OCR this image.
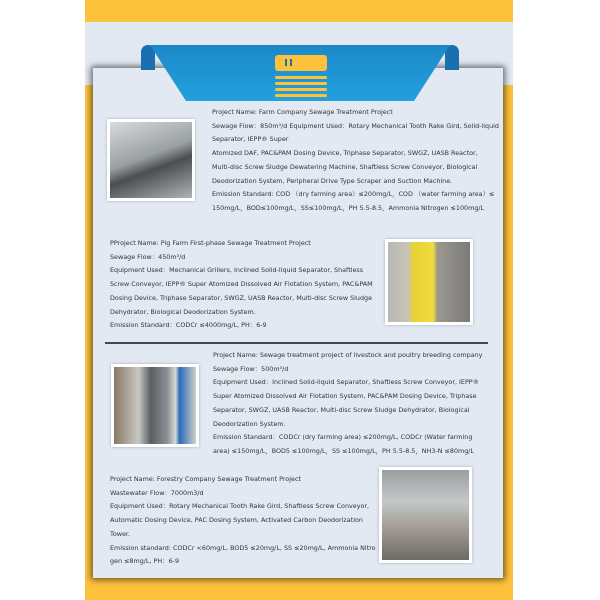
Project Name: Farm Company Sewage Treatment Project
Sewage Flow：850m³/d Equipment Used：Rotary Mechanical Tooth Rake Gird, Solid-liquid
Separator, IEPP® Super
Atomized DAF, PAC&PAM Dosing Device, Triphase Separator, SWGZ, UASB Reactor,
Multi-disc Screw Sludge Dewatering Machine, Shaftless Screw Conveyor, Biological
Deodorization System, Peripheral Drive Type Scraper and Suction Machine.
Emission Standard: COD （dry farming area）≤200mg/L，COD （water farming area）≤
150mg/L，BOD≤100mg/L，SS≤100mg/L，PH 5.5-8.5，Ammonia Nitrogen ≤100mg/L
PProject Name: Pig Farm First-phase Sewage Treatment Project
Sewage Flow：450m³/d
Equipment Used：Mechanical Grillers, Inclined Solid-liquid Separator, Shaftless
Screw Conveyor, IEPP® Super Atomized Dissolved Air Flotation System, PAC&PAM
Dosing Device, Triphase Separator, SWGZ, UASB Reactor, Multi-disc Screw Sludge
Dehydrator, Biological Deodorization System.
Emission Standard：CODCr ≤4000mg/L, PH：6-9
Project Name: Sewage treatment project of livestock and poultry breeding company
Sewage Flow：500m³/d
Equipment Used：Inclined Solid-liquid Separator, Shaftless Screw Conveyor, IEPP®
Super Atomized Dissolved Air Flotation System, PAC&PAM Dosing Device, Triphase
Separator, SWGZ, UASB Reactor, Multi-disc Screw Sludge Dehydrator, Biological
Deodorization System.
Emission Standard：CODCr (dry farming area) ≤200mg/L, CODCr (Water farming
area) ≤150mg/L，BOD5 ≤100mg/L，SS ≤100mg/L，PH 5.5-8.5，NH3-N ≤80mg/L
Project Name: Forestry Company Sewage Treatment Project
Wastewater Flow：7000m3/d
Equipment Used：Rotary Mechanical Tooth Rake Gird, Shaftless Screw Conveyor,
Automatic Dosing Device, PAC Dosing System, Activated Carbon Deodorization
Tower.
Emission standard: CODCr <60mg/L, BOD5 ≤20mg/L, SS ≤20mg/L, Ammonia Nitro
gen ≤8mg/L, PH：6-9
